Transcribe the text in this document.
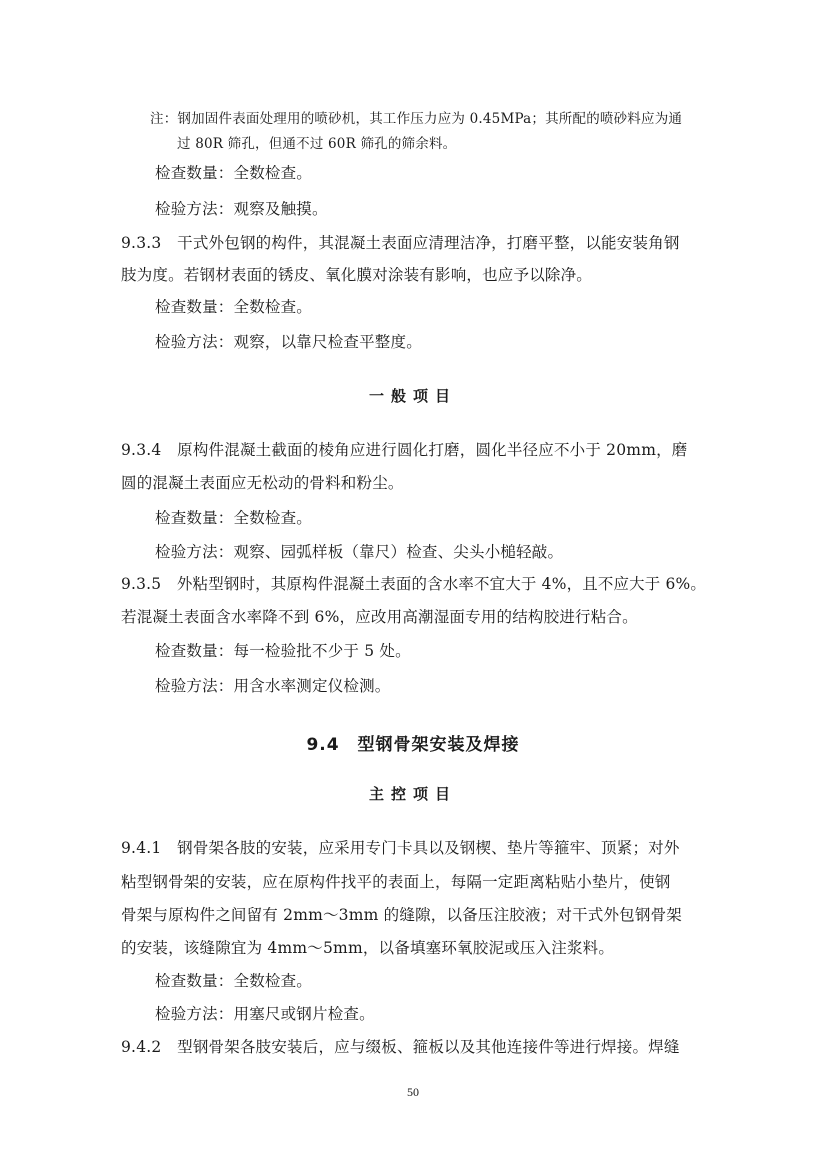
注：钢加固件表面处理用的喷砂机，其工作压力应为 0.45MPa；其所配的喷砂料应为通
过 80R 筛孔，但通不过 60R 筛孔的筛余料。
检查数量：全数检查。
检验方法：观察及触摸。
9.3.3　干式外包钢的构件，其混凝土表面应清理洁净，打磨平整，以能安装角钢
肢为度。若钢材表面的锈皮、氧化膜对涂装有影响，也应予以除净。
检查数量：全数检查。
检验方法：观察，以靠尺检查平整度。
一般项目
9.3.4　原构件混凝土截面的棱角应进行圆化打磨，圆化半径应不小于 20mm，磨
圆的混凝土表面应无松动的骨料和粉尘。
检查数量：全数检查。
检验方法：观察、园弧样板（靠尺）检查、尖头小槌轻敲。
9.3.5　外粘型钢时，其原构件混凝土表面的含水率不宜大于 4%，且不应大于 6%。
若混凝土表面含水率降不到 6%，应改用高潮湿面专用的结构胶进行粘合。
检查数量：每一检验批不少于 5 处。
检验方法：用含水率测定仪检测。
9.4　型钢骨架安装及焊接
主控项目
9.4.1　钢骨架各肢的安装，应采用专门卡具以及钢楔、垫片等箍牢、顶紧；对外
粘型钢骨架的安装，应在原构件找平的表面上，每隔一定距离粘贴小垫片，使钢
骨架与原构件之间留有 2mm～3mm 的缝隙，以备压注胶液；对干式外包钢骨架
的安装，该缝隙宜为 4mm～5mm，以备填塞环氧胶泥或压入注浆料。
检查数量：全数检查。
检验方法：用塞尺或钢片检查。
9.4.2　型钢骨架各肢安装后，应与缀板、箍板以及其他连接件等进行焊接。焊缝
50
